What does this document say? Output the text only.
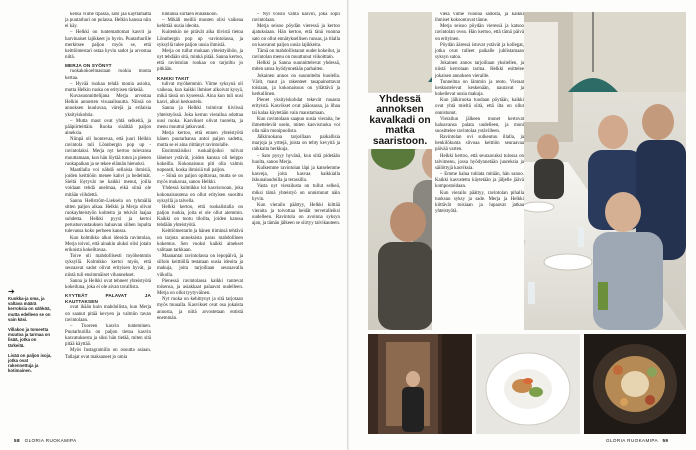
➔

Kuokka-ja oma, ja valtava määrä kerroksia on sähköä, mutta edelleen se on vain käsi.

Villakoo ja tomeetta muutoa ja tarmaa on lisää, jotka on tärkeitä.

Lisää on paljon isoja, jotka ovat rakennettuja ja kotimainen.

kensä viime tipassa, sato jää käyttämättä ja puutarhuri on pulassa. Helkin kanssa niin ei käy.

– Helkki on tuntemattomat kasvit ja harvinaiset lajikkeet jo hyvin. Puutarhurille merkitsee paljon myös se, että keittiömestari ostaa hyvin sadot ja arvostaa niitä.

MERJA ON SYÖNYT

ruokakokoelmastaan ruokia monta kertaa.

– Hyvää ruokaa tehdä monia asioita, mutta Helkin ruoka on erityisen tärkeää.

Kuvasuunnittelijana Merja arvostaa Helkin annosten visuaalisuutta. Niissä on annoksen kuuluvaa, värejä ja erilaisia yksityiskohtia.

– Mutta maut ovat yhtä selkeitä, ja pääpiirteittäin. Ruoka sisältää paljon aineksia.

Niinpä oli luontevaa, että juuri Helkin ravintola tuli Lönnbergin pop up -ravintolaksi. Merja nyt kertoo tulevansa muuttamaan, kun hän löytää tutun ja pienen ruokapaikan ja se tekee elämän hienoksi.

Maatilalla voi nähdä sellaisia ihmisiä, joiden keittiöön menee kahvi ja hedelmät. Sieltä löytyvät ne kaikki menut, joilla voidaan tehdä unelmaa, eikä siinä ole mitään viihdettä.

Sanna Hellström-Lieksela on tyhmällä sitten paljon aikaa. Helkki ja Merja olivat ruokayhteistyön kohteita ja tekivät laajaa suhdetta. Helkki pyysi ja kertoi perustusvastauksen haluavan siihen lopulta tulevansa koko perheen kanssa.

Kun kolmikko alkoi ideoida ravintolaa, Merja toivoi, että ainakin aluksi olisi jotain erikoista kokeiltavaa.

Toive oli mahdollisesti myöhemmin syksyllä. Kolmikko kertoi myös, että seuraavat sadot olivat erityisen hyvät, ja niistä tuli ensimmäiset vihannekset.

Sanna ja Helkki ovat tehneet yhteistyötä kokeiluna, joka ei ole aivan tavallista.

KYYTEÄT PALAVAT JA KAUTTAKSEN

ovat ikään kuin mahdollista, kun Merja on saanut pitää kevyen ja valmiin tavan ravintolaan.

– Tuoreen kasvin tunteminen. Puutarhurilla on paljon tietoa kasvin kasvatuksesta ja siksi hän tietää, miten sitä pitää käyttää.

Myös Instagramilla on osuutta asiaan. Tallajat ovat maksaneet jo omia

hintansa siirtäen ennakkoon.

– Mikäli meillä muuten olisi vaikeaa kehittää uusia ideoita.

Kuitenkin ne pitävät aika tiivistä tietoa Lönnbergin pop up -ravintolassa, ja syksyllä tulee paljon uusia ihmisiä.

Merja on tullut mukaan yhteistyöhön, ja nyt tehdään sitä, minkä pitää. Sanna kertoo, että ravintolan ruokaa on tarjoiltu jo pitkään.

KAIKKI TAKIT

tulivat myöhemmin. Viime syksynä oli vaikeaa, kun kaikki ihmiset alkoivat kysyä, mikä tässä on kyseessä. Aina kun tuli uusi kasvi, alkoi keskustelu.

Sanna ja Helkki toimivat tiiviissä yhteistyössä. Joka kerran vierailua odottaa uusi ruoka. Kasvikset olivat tuoreita, ja menu muuttui jatkuvasti.

Merja kertoo, että ennen yhteistyötä hänen puutarhansa antoi paljon sadetta, mutta se ei aina riittänyt ravintolalle.

Ensimmäisiksi ruokailijoiksi tulivat läheiset ystävät, joiden kanssa oli helppo kokeilla. Kokonaisuus piti olla valmis nopeasti, koska ihmisiä tuli paljon.

– Siinä on paljon opittavaa, mutta se on myös mukavaa, sanoo Helkki.

Yhdessä kolmikko loi kasvisruoan, joka kokonaisuutena on ollut erityisen suosittu syksyllä ja talvella.

Helkki kertoo, että ruokalistalla on paljon ruokia, joita ei ole ollut aiemmin. Kaikki on tuotu tiloilta, joiden kanssa tehdään yhteistyötä.

Keittiömestarin ja hänen tiiminsä tehtävä on tarjota annoksista paras mahdollinen kokemus. Sen vuoksi kaikki ainekset valitaan tarkkaan.

Maanantai ravintolassa on lepopäivä, ja silloin keittiöllä testataan uusia ideoita ja makuja, joita tarjoillaan seuraavalla viikolla.

Pienessä ravintolassa kaikki tuntevat toisensa, ja asiakkaat palaavat uudelleen. Merja on ollut tyytyväinen.

Nyt ruoka on kehittynyt ja sitä tarjotaan myös muualla. Kasvikset ovat osa jokaista annosta, ja niitä arvostetaan entistä enemmän.

– Nyt voisin valita kasvin, joka sopii ravintolaan.

Merja seisoo pöydän vieressä ja kertoo ajatuksiaan. Hän kertoo, että tänä vuonna sato on ollut ennätyksellisen runsas, ja tilalla on kasvanut paljon uusia lajikkeita.

Tämä on mahdollistanut uudet kokeilut, ja ravintolan menu on muuttunut viikoittain.

Helkki ja Sanna suunnittelevat yhdessä, miten satoa hyödynnetään parhaiten.

Jokainen annos on suunniteltu huolella. Värit, maut ja rakenteet tasapainottavat toisiaan, ja kokonaisuus on yllättävä ja herkullinen.

Pienet yksityiskohdat tekevät ruuasta erityistä. Kasvikset ovat pääosassa, ja lihaa tai kalaa käytetään vain maustamaan.

Kun ravintolaan saapuu uusia vieraita, he ihmettelevät usein, miten kasvisruoka voi olla näin monipuolista.

Jälkiruokana tarjoillaan paikallisia marjoja ja yrttejä, joista on tehty kevyitä ja raikkaita herkkuja.

– Sato pysyy hyvänä, kun siitä pidetään huolta, sanoo Merja.

Kulkemme ravintolan läpi ja katselemme kasveja, joita kasvaa kaikkialla ikkunalaudoilla ja terassilla.

Vasta nyt vierailusta on tullut selkeä, miksi tämä yhteistyö on onnistunut näin hyvin.

Kun vierailu päättyy, Helkki kiittää vieraita ja toivottaa heidät tervetulleiksi uudelleen. Ravintola on avoinna syksyn ajan, ja tämän jälkeen se siirtyy talvikauteen.

58 GLORIA RUOKAMIPA
Yhdessä annoksen kavalkadi on matka saaristoon.

vielä viime vuonna sadosta, ja kaikki ihmiset kokoontuvat tänne.

Merja seisoo pöydän vieressä ja katsoo ravintolan ovea. Hän kertoo, että tämä päivä on erityinen.

Pöydän ääressä istuvat ystävät ja kollegat, jotka ovat tulleet paikalle juhlistamaan syksyn satoa.

Jokainen annos tarjoillaan yksitellen, ja niistä kerrotaan tarina. Helkki esittelee jokaisen annoksen vieraille.

Tunnelma on lämmin ja rento. Vieraat keskustelevat keskenään, nauravat ja kokeilevat uusia makuja.

Kun jälkiruoka tuodaan pöytään, kaikki ovat yhtä mieltä siitä, että ilta on ollut onnistunut.

Vierailun jälkeen monet kertovat haluavansa palata uudelleen, ja moni suosittelee ravintolaa ystävilleen.

Ravintolan ovi sulkeutuu illalla, ja henkilökunta siivoaa keittiön seuraavaa päivää varten.

Helkki kertoo, että seuraavaksi tulossa on talvimenu, jossa hyödynnetään juureksia ja säilöttyjä kasviksia.

– Emme halua tuhlata mitään, hän sanoo. Kaikki kasvatettu käytetään ja jäljelle jäävä kompostoidaan.

Kun vierailu päättyy, ravintolan pihalla tuoksuu syksy ja sade. Merja ja Helkki kiittävät toisiaan ja lupaavat jatkaa yhteistyötä.

GLORIA RUOKAMIPA 59
